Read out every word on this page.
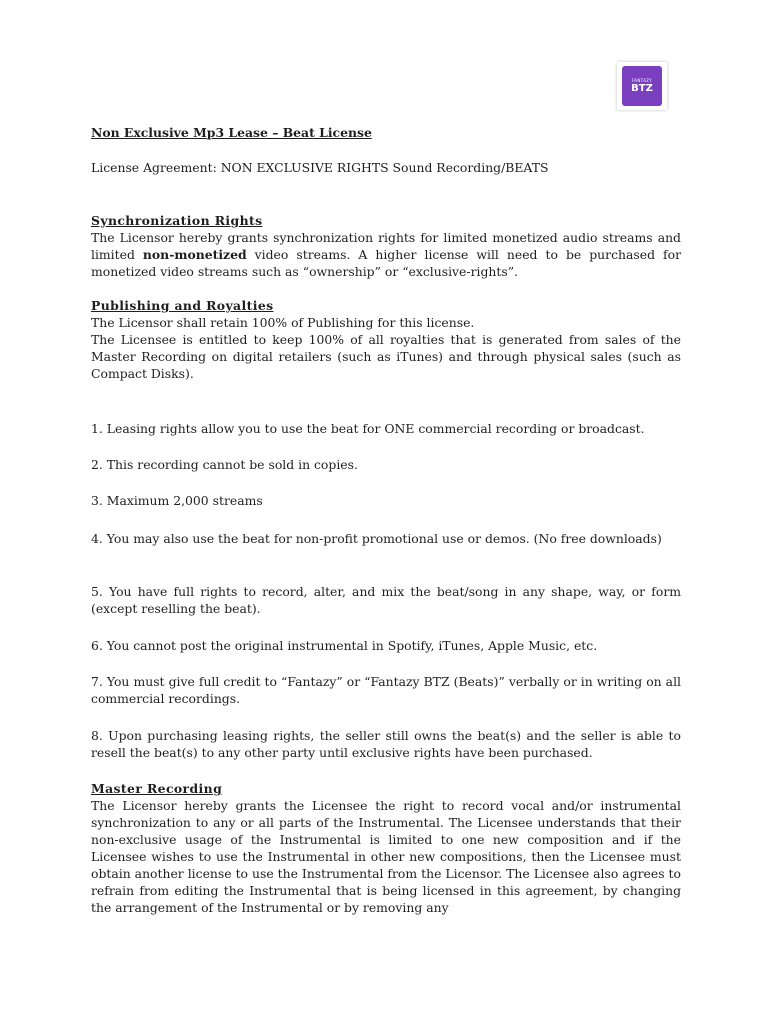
FANTAZY
BTZ
Non Exclusive Mp3 Lease – Beat License
License Agreement: NON EXCLUSIVE RIGHTS Sound Recording/BEATS
Synchronization Rights
The Licensor hereby grants synchronization rights for limited monetized audio streams and limited non-monetized video streams. A higher license will need to be purchased for monetized video streams such as “ownership” or “exclusive-rights”.
Publishing and Royalties
The Licensor shall retain 100% of Publishing for this license.
The Licensee is entitled to keep 100% of all royalties that is generated from sales of the Master Recording on digital retailers (such as iTunes) and through physical sales (such as Compact Disks).
1. Leasing rights allow you to use the beat for ONE commercial recording or broadcast.
2. This recording cannot be sold in copies.
3. Maximum 2,000 streams
4. You may also use the beat for non-profit promotional use or demos. (No free downloads)
5. You have full rights to record, alter, and mix the beat/song in any shape, way, or form (except reselling the beat).
6. You cannot post the original instrumental in Spotify, iTunes, Apple Music, etc.
7. You must give full credit to “Fantazy” or “Fantazy BTZ (Beats)” verbally or in writing on all commercial recordings.
8. Upon purchasing leasing rights, the seller still owns the beat(s) and the seller is able to resell the beat(s) to any other party until exclusive rights have been purchased.
Master Recording
The Licensor hereby grants the Licensee the right to record vocal and/or instrumental synchronization to any or all parts of the Instrumental. The Licensee understands that their non-exclusive usage of the Instrumental is limited to one new composition and if the Licensee wishes to use the Instrumental in other new compositions, then the Licensee must obtain another license to use the Instrumental from the Licensor. The Licensee also agrees to refrain from editing the Instrumental that is being licensed in this agreement, by changing the arrangement of the Instrumental or by removing any
